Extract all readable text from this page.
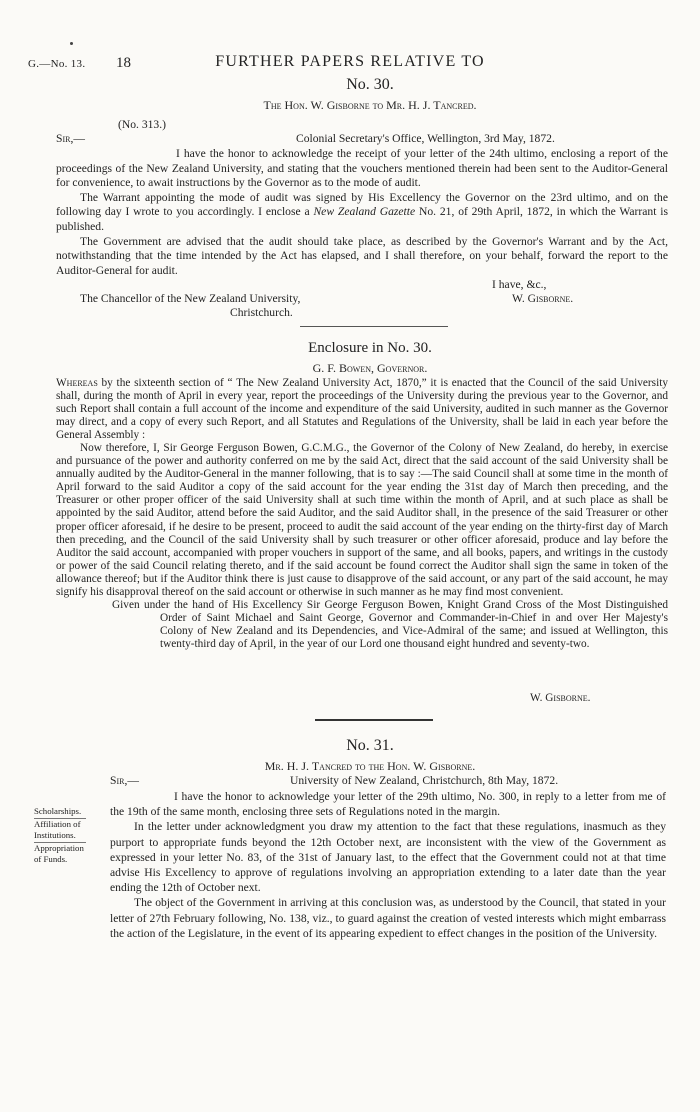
G.—No. 13. 18	FURTHER PAPERS RELATIVE TO
No. 30.
The Hon. W. Gisborne to Mr. H. J. Tancred.
(No. 313.)
Sir,—	Colonial Secretary's Office, Wellington, 3rd May, 1872.

I have the honor to acknowledge the receipt of your letter of the 24th ultimo, enclosing a report of the proceedings of the New Zealand University, and stating that the vouchers mentioned therein had been sent to the Auditor-General for convenience, to await instructions by the Governor as to the mode of audit.

The Warrant appointing the mode of audit was signed by His Excellency the Governor on the 23rd ultimo, and on the following day I wrote to you accordingly. I enclose a New Zealand Gazette No. 21, of 29th April, 1872, in which the Warrant is published.

The Government are advised that the audit should take place, as described by the Governor's Warrant and by the Act, notwithstanding that the time intended by the Act has elapsed, and I shall therefore, on your behalf, forward the report to the Auditor-General for audit.

I have, &c.,
The Chancellor of the New Zealand University,	W. Gisborne.
Christchurch.
Enclosure in No. 30.
G. F. Bowen, Governor.

Whereas by the sixteenth section of “ The New Zealand University Act, 1870,” it is enacted that the Council of the said University shall, during the month of April in every year, report the proceedings of the University during the previous year to the Governor, and such Report shall contain a full account of the income and expenditure of the said University, audited in such manner as the Governor may direct, and a copy of every such Report, and all Statutes and Regulations of the University, shall be laid in each year before the General Assembly :

Now therefore, I, Sir George Ferguson Bowen, G.C.M.G., the Governor of the Colony of New Zealand, do hereby, in exercise and pursuance of the power and authority conferred on me by the said Act, direct that the said account of the said University shall be annually audited by the Auditor-General in the manner following, that is to say :—The said Council shall at some time in the month of April forward to the said Auditor a copy of the said account for the year ending the 31st day of March then preceding, and the Treasurer or other proper officer of the said University shall at such time within the month of April, and at such place as shall be appointed by the said Auditor, attend before the said Auditor, and the said Auditor shall, in the presence of the said Treasurer or other proper officer aforesaid, if he desire to be present, proceed to audit the said account of the year ending on the thirty-first day of March then preceding, and the Council of the said University shall by such treasurer or other officer aforesaid, produce and lay before the Auditor the said account, accompanied with proper vouchers in support of the same, and all books, papers, and writings in the custody or power of the said Council relating thereto, and if the said account be found correct the Auditor shall sign the same in token of the allowance thereof; but if the Auditor think there is just cause to disapprove of the said account, or any part of the said account, he may signify his disapproval thereof on the said account or otherwise in such manner as he may find most convenient.

Given under the hand of His Excellency Sir George Ferguson Bowen, Knight Grand Cross of the Most Distinguished Order of Saint Michael and Saint George, Governor and Commander-in-Chief in and over Her Majesty's Colony of New Zealand and its Dependencies, and Vice-Admiral of the same; and issued at Wellington, this twenty-third day of April, in the year of our Lord one thousand eight hundred and seventy-two.

W. Gisborne.
No. 31.
Mr. H. J. Tancred to the Hon. W. Gisborne.
Sir,—	University of New Zealand, Christchurch, 8th May, 1872.
Scholarships.
Affiliation of Institutions.
Appropriation of Funds.

I have the honor to acknowledge your letter of the 29th ultimo, No. 300, in reply to a letter from me of the 19th of the same month, enclosing three sets of Regulations noted in the margin.

In the letter under acknowledgment you draw my attention to the fact that these regulations, inasmuch as they purport to appropriate funds beyond the 12th October next, are inconsistent with the view of the Government as expressed in your letter No. 83, of the 31st of January last, to the effect that the Government could not at that time advise His Excellency to approve of regulations involving an appropriation extending to a later date than the year ending the 12th of October next.

The object of the Government in arriving at this conclusion was, as understood by the Council, that stated in your letter of 27th February following, No. 138, viz., to guard against the creation of vested interests which might embarrass the action of the Legislature, in the event of its appearing expedient to effect changes in the position of the University.
